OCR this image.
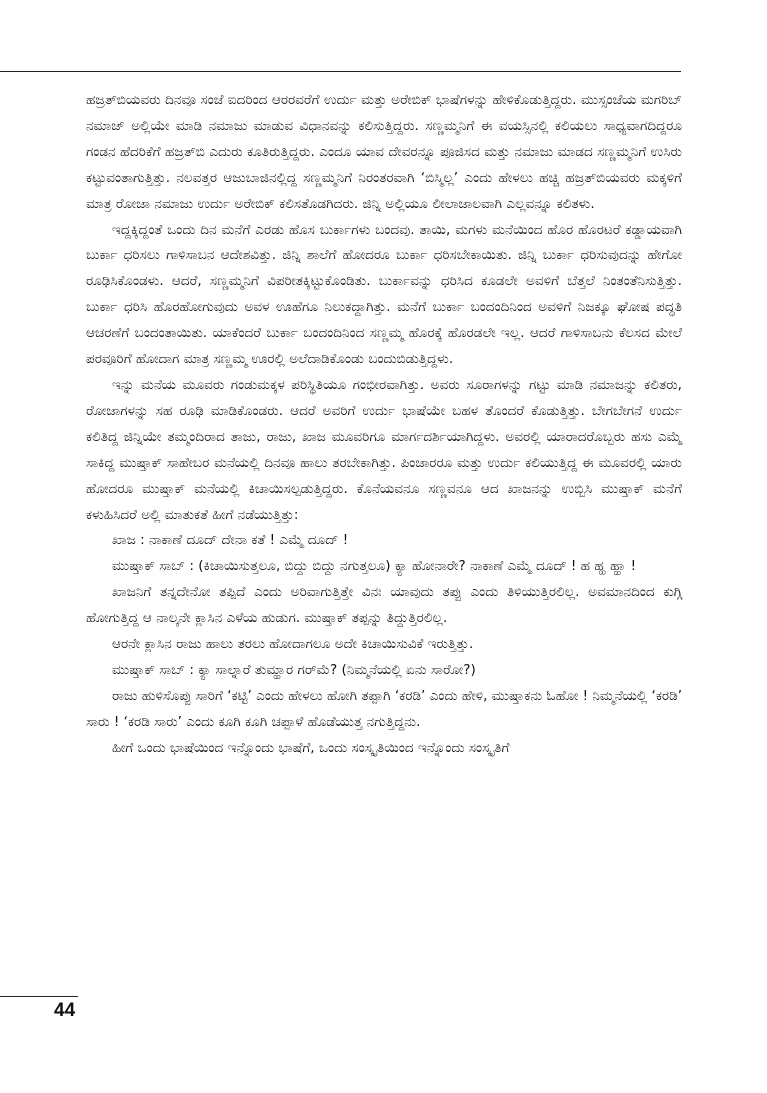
ಹಜ್ರತ್‌ಬಿಯವರು ದಿನವೂ ಸಂಜೆ ಐದರಿಂದ ಆರರವರೆಗೆ ಉರ್ದು ಮತ್ತು ಅರೇಬಿಕ್ ಭಾಷೆಗಳನ್ನು ಹೇಳಿಕೊಡುತ್ತಿದ್ದರು. ಮುಸ್ಸಂಜೆಯ ಮಗರಿಬ್ ನಮಾಜ್ ಅಲ್ಲಿಯೇ ಮಾಡಿ ನಮಾಜು ಮಾಡುವ ವಿಧಾನವನ್ನು ಕಲಿಸುತ್ತಿದ್ದರು. ಸಣ್ಣಮ್ಮನಿಗೆ ಈ ವಯಸ್ಸಿನಲ್ಲಿ ಕಲಿಯಲು ಸಾಧ್ಯವಾಗದಿದ್ದರೂ ಗಂಡನ ಹೆದರಿಕೆಗೆ ಹಜ್ರತ್‌ಬಿ ಎದುರು ಕೂತಿರುತ್ತಿದ್ದರು. ಎಂದೂ ಯಾವ ದೇವರನ್ನೂ ಪೂಜಿಸದ ಮತ್ತು ನಮಾಜು ಮಾಡದ ಸಣ್ಣಮ್ಮನಿಗೆ ಉಸಿರು ಕಟ್ಟುವಂತಾಗುತ್ತಿತ್ತು. ನಲವತ್ತರ ಆಜುಬಾಜಿನಲ್ಲಿದ್ದ ಸಣ್ಣಮ್ಮನಿಗೆ ನಿರಂತರವಾಗಿ ‘ಬಿಸ್ಮಿಲ್ಲ’ ಎಂದು ಹೇಳಲು ಹಚ್ಚಿ ಹಜ್ರತ್‌ಬಿಯವರು ಮಕ್ಕಳಿಗೆ ಮಾತ್ರ ರೋಜಾ ನಮಾಜು ಉರ್ದು ಅರೇಬಿಕ್ ಕಲಿಸತೊಡಗಿದರು. ಜಿನ್ನಿ ಅಲ್ಲಿಯೂ ಲೀಲಾಜಾಲವಾಗಿ ಎಲ್ಲವನ್ನೂ ಕಲಿತಳು.

ಇದ್ದಕ್ಕಿದ್ದಂತೆ ಒಂದು ದಿನ ಮನೆಗೆ ಎರಡು ಹೊಸ ಬುರ್ಕಾಗಳು ಬಂದವು. ತಾಯಿ, ಮಗಳು ಮನೆಯಿಂದ ಹೊರ ಹೊರಟರೆ ಕಡ್ಡಾಯವಾಗಿ ಬುರ್ಕಾ ಧರಿಸಲು ಗಾಳಿಸಾಬನ ಆದೇಶವಿತ್ತು. ಜಿನ್ನಿ ಶಾಲೆಗೆ ಹೋದರೂ ಬುರ್ಕಾ ಧರಿಸಬೇಕಾಯಿತು. ಜಿನ್ನಿ ಬುರ್ಕಾ ಧರಿಸುವುದನ್ನು ಹೇಗೋ ರೂಢಿಸಿಕೊಂಡಳು. ಆದರೆ, ಸಣ್ಣಮ್ಮನಿಗೆ ವಿಪರೀತಕ್ಕಿಟ್ಟುಕೊಂಡಿತು. ಬುರ್ಕಾವನ್ನು ಧರಿಸಿದ ಕೂಡಲೇ ಅವಳಿಗೆ ಬೆತ್ತಲೆ ನಿಂತಂತೆನಿಸುತ್ತಿತ್ತು. ಬುರ್ಕಾ ಧರಿಸಿ ಹೊರಹೋಗುವುದು ಅವಳ ಊಹೆಗೂ ನಿಲುಕದ್ದಾಗಿತ್ತು. ಮನೆಗೆ ಬುರ್ಕಾ ಬಂದಂದಿನಿಂದ ಅವಳಿಗೆ ನಿಜಕ್ಕೂ ಘೋಷ ಪದ್ಧತಿ ಆಚರಣೆಗೆ ಬಂದಂತಾಯಿತು. ಯಾಕೆಂದರೆ ಬುರ್ಕಾ ಬಂದಂದಿನಿಂದ ಸಣ್ಣಮ್ಮ ಹೊರಕ್ಕೆ ಹೊರಡಲೇ ಇಲ್ಲ. ಆದರೆ ಗಾಳಿಸಾಬನು ಕೆಲಸದ ಮೇಲೆ ಪರವೂರಿಗೆ ಹೋದಾಗ ಮಾತ್ರ ಸಣ್ಣಮ್ಮ ಊರಲ್ಲಿ ಅಲೆದಾಡಿಕೊಂಡು ಬಂದುಬಿಡುತ್ತಿದ್ದಳು.

ಇನ್ನು ಮನೆಯ ಮೂವರು ಗಂಡುಮಕ್ಕಳ ಪರಿಸ್ಥಿತಿಯೂ ಗಂಭೀರವಾಗಿತ್ತು. ಅವರು ಸೂರಾಗಳನ್ನು ಗಟ್ಟು ಮಾಡಿ ನಮಾಜನ್ನು ಕಲಿತರು, ರೋಜಾಗಳನ್ನು ಸಹ ರೂಢಿ ಮಾಡಿಕೊಂಡರು. ಆದರೆ ಅವರಿಗೆ ಉರ್ದು ಭಾಷೆಯೇ ಬಹಳ ತೊಂದರೆ ಕೊಡುತ್ತಿತ್ತು. ಬೇಗಬೇಗನೆ ಉರ್ದು ಕಲಿತಿದ್ದ ಜಿನ್ನಿಯೇ ತಮ್ಮಂದಿರಾದ ತಾಜು, ರಾಜು, ಖಾಜ ಮೂವರಿಗೂ ಮಾರ್ಗದರ್ಶಿಯಾಗಿದ್ದಳು. ಅವರಲ್ಲಿ ಯಾರಾದರೊಬ್ಬರು ಹಸು ಎಮ್ಮೆ ಸಾಕಿದ್ದ ಮುಷ್ತಾಕ್ ಸಾಹೇಬರ ಮನೆಯಲ್ಲಿ ದಿನವೂ ಹಾಲು ತರಬೇಕಾಗಿತ್ತು. ಪಿಂಜಾರರೂ ಮತ್ತು ಉರ್ದು ಕಲಿಯುತ್ತಿದ್ದ ಈ ಮೂವರಲ್ಲಿ ಯಾರು ಹೋದರೂ ಮುಷ್ತಾಕ್ ಮನೆಯಲ್ಲಿ ಕಿಚಾಯಿಸಲ್ಪಡುತ್ತಿದ್ದರು. ಕೊನೆಯವನೂ ಸಣ್ಣವನೂ ಆದ ಖಾಜನನ್ನು ಉಬ್ಬಿಸಿ ಮುಷ್ತಾಕ್ ಮನೆಗೆ ಕಳುಹಿಸಿದರೆ ಅಲ್ಲಿ ಮಾತುಕತೆ ಹೀಗೆ ನಡೆಯುತ್ತಿತ್ತು:

ಖಾಜ : ನಾಕಾಣೆ ದೂದ್ ದೇನಾ ಕತೆ ! ಎಮ್ಮೆ ದೂದ್ !

ಮುಷ್ತಾಕ್ ಸಾಬ್ : (ಕಿಚಾಯಿಸುತ್ತಲೂ, ಬಿದ್ದು ಬಿದ್ದು ನಗುತ್ತಲೂ) ಕ್ಯಾ ಹೋನಾರೇ? ನಾಕಾಣೆ ಎಮ್ಮೆ ದೂದ್ ! ಹ ಹ್ಹ ಹ್ಹಾ !

ಖಾಜನಿಗೆ ತನ್ನದೇನೋ ತಪ್ಪಿದೆ ಎಂದು ಅರಿವಾಗುತ್ತಿತ್ತೇ ವಿನಃ ಯಾವುದು ತಪ್ಪು ಎಂದು ತಿಳಿಯುತ್ತಿರಲಿಲ್ಲ. ಅವಮಾನದಿಂದ ಕುಗ್ಗಿ ಹೋಗುತ್ತಿದ್ದ ಆ ನಾಲ್ಕನೇ ಕ್ಲಾಸಿನ ಎಳೆಯ ಹುಡುಗ. ಮುಷ್ತಾಕ್ ತಪ್ಪನ್ನು ತಿದ್ದುತ್ತಿರಲಿಲ್ಲ.

ಆರನೇ ಕ್ಲಾಸಿನ ರಾಜು ಹಾಲು ತರಲು ಹೋದಾಗಲೂ ಅದೇ ಕಿಚಾಯಿಸುವಿಕೆ ಇರುತ್ತಿತ್ತು.

ಮುಷ್ತಾಕ್ ಸಾಬ್ : ಕ್ಯಾ ಸಾಲ್ನಾರೆ ತುಮ್ಹಾರ ಗರ್‌ಮೆ? (ನಿಮ್ಮನೆಯಲ್ಲಿ ಏನು ಸಾರೋ?)

ರಾಜು ಹುಳಿಸೊಪ್ಪು ಸಾರಿಗೆ ‘ಕಟ್ಟಿ’ ಎಂದು ಹೇಳಲು ಹೋಗಿ ತಪ್ಪಾಗಿ ‘ಕರಡಿ’ ಎಂದು ಹೇಳಿ, ಮುಷ್ತಾಕನು ಓಹೋ ! ನಿಮ್ಮನೆಯಲ್ಲಿ ‘ಕರಡಿ’ ಸಾರು ! ‘ಕರಡಿ ಸಾರು’ ಎಂದು ಕೂಗಿ ಕೂಗಿ ಚಪ್ಪಾಳೆ ಹೊಡೆಯುತ್ತ ನಗುತ್ತಿದ್ದನು.

ಹೀಗೆ ಒಂದು ಭಾಷೆಯಿಂದ ಇನ್ನೊಂದು ಭಾಷೆಗೆ, ಒಂದು ಸಂಸ್ಕೃತಿಯಿಂದ ಇನ್ನೊಂದು ಸಂಸ್ಕೃತಿಗೆ

44
